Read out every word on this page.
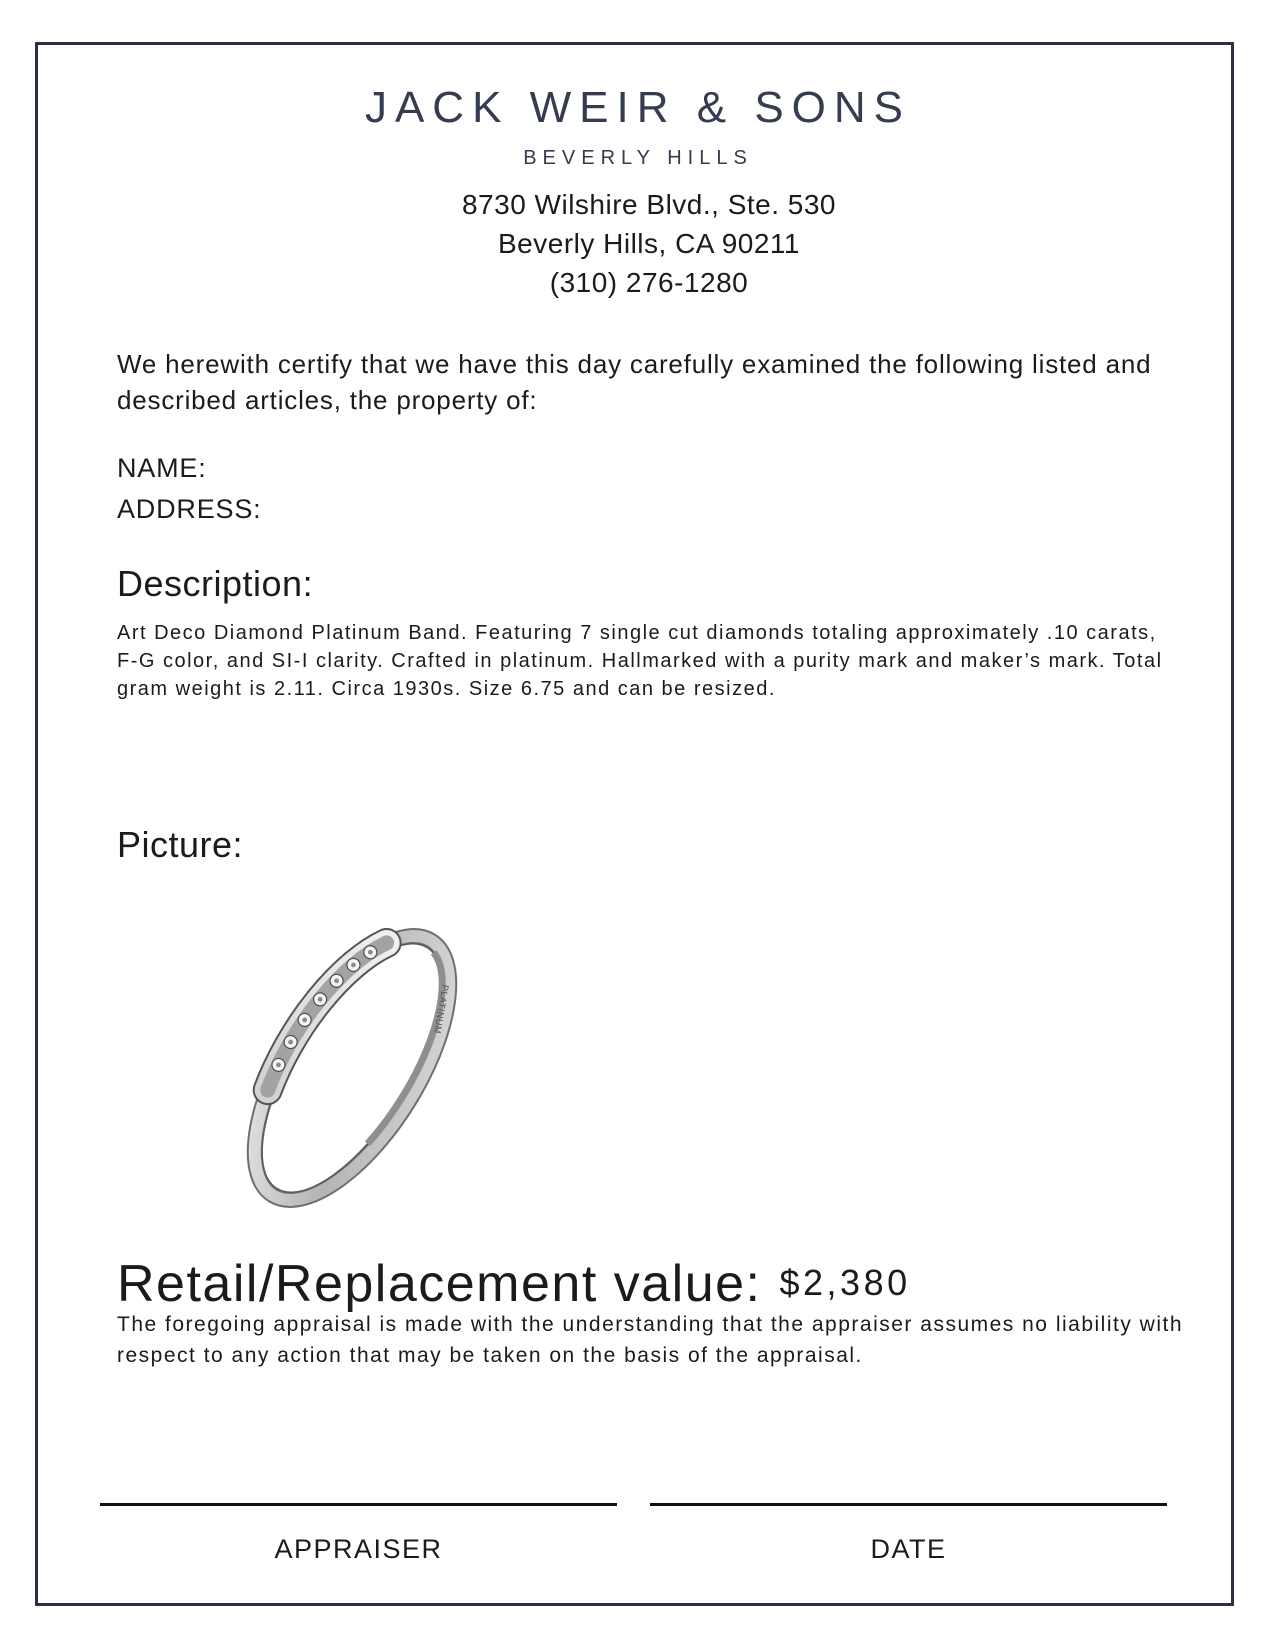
JACK WEIR & SONS
BEVERLY HILLS
8730 Wilshire Blvd., Ste. 530
Beverly Hills, CA 90211
(310) 276-1280
We herewith certify that we have this day carefully examined the following listed and described articles, the property of:
NAME:
ADDRESS:
Description:
Art Deco Diamond Platinum Band. Featuring 7 single cut diamonds totaling approximately .10 carats, F-G color, and SI-I clarity. Crafted in platinum. Hallmarked with a purity mark and maker’s mark. Total gram weight is 2.11. Circa 1930s. Size 6.75 and can be resized.
Picture:
PLATINUM
Retail/Replacement value: $2,380
The foregoing appraisal is made with the understanding that the appraiser assumes no liability with respect to any action that may be taken on the basis of the appraisal.
APPRAISER	DATE
